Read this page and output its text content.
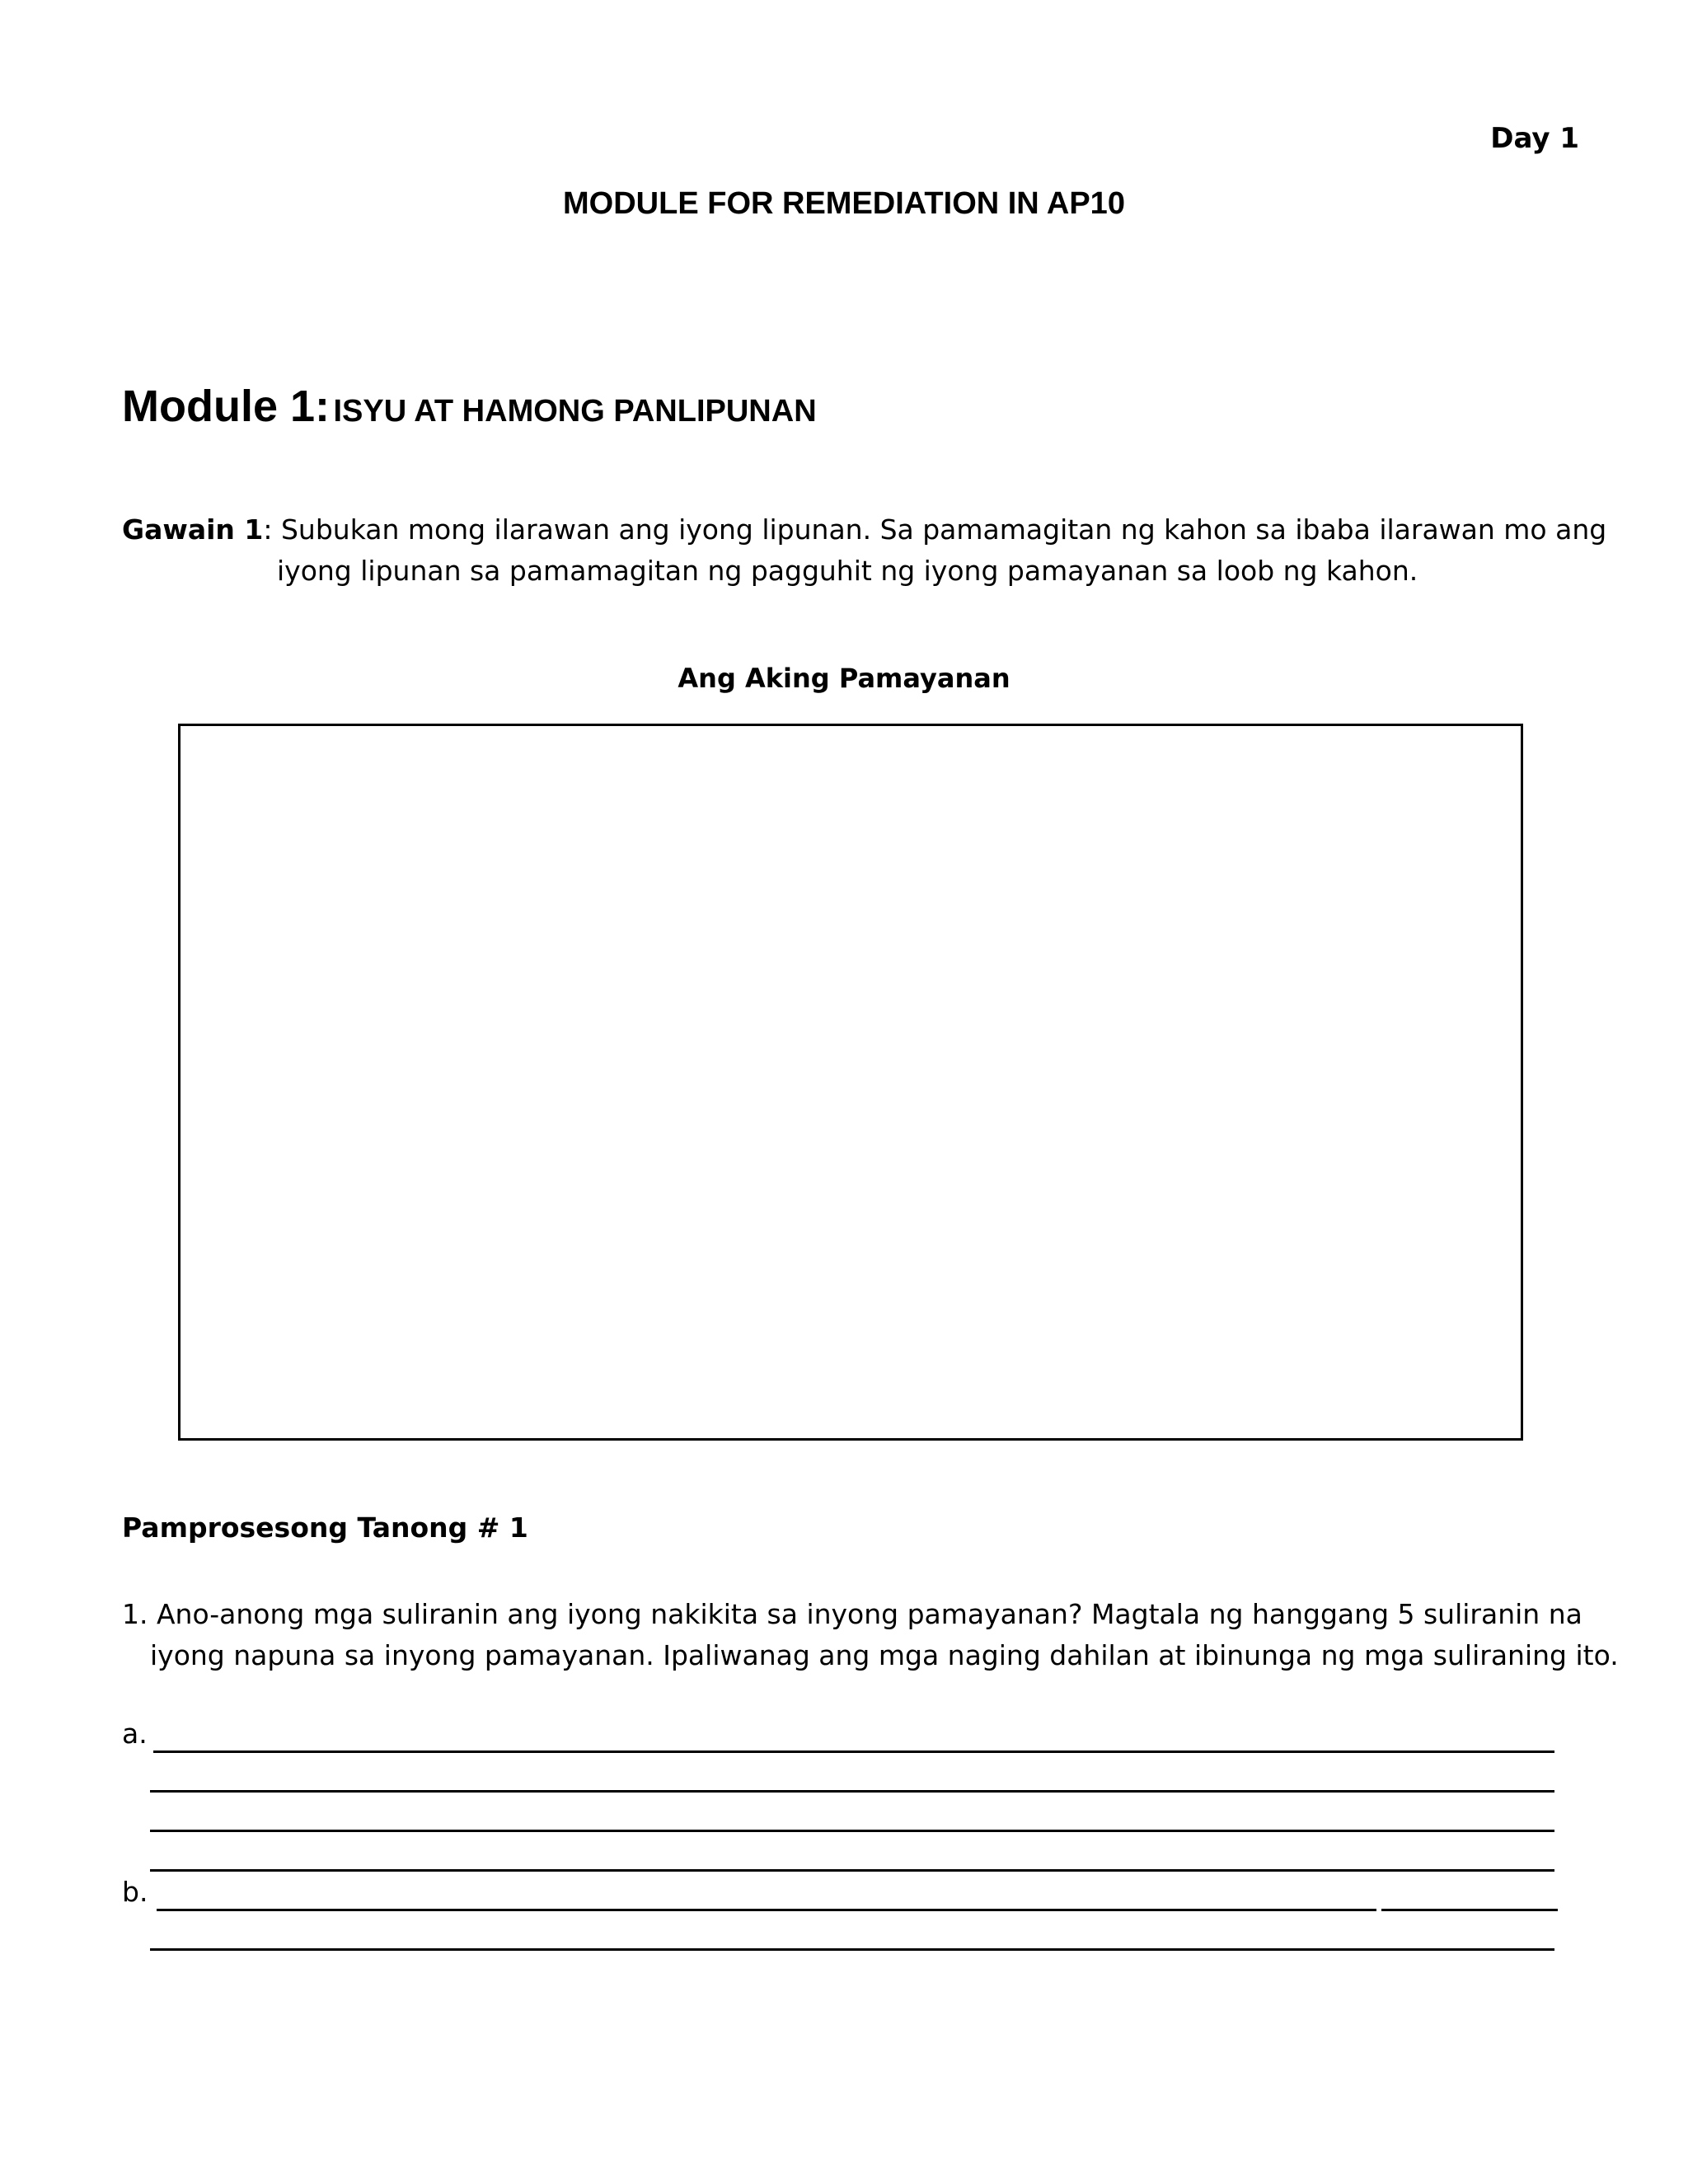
Day 1
MODULE FOR REMEDIATION IN AP10
Module 1: ISYU AT HAMONG PANLIPUNAN
Gawain 1: Subukan mong ilarawan ang iyong lipunan. Sa pamamagitan ng kahon sa ibaba ilarawan mo ang
iyong lipunan sa pamamagitan ng pagguhit ng iyong pamayanan sa loob ng kahon.
Ang Aking Pamayanan
Pamprosesong Tanong # 1
1. Ano-anong mga suliranin ang iyong nakikita sa inyong pamayanan? Magtala ng hanggang 5 suliranin na
iyong napuna sa inyong pamayanan. Ipaliwanag ang mga naging dahilan at ibinunga ng mga suliraning ito.
a.
b.
